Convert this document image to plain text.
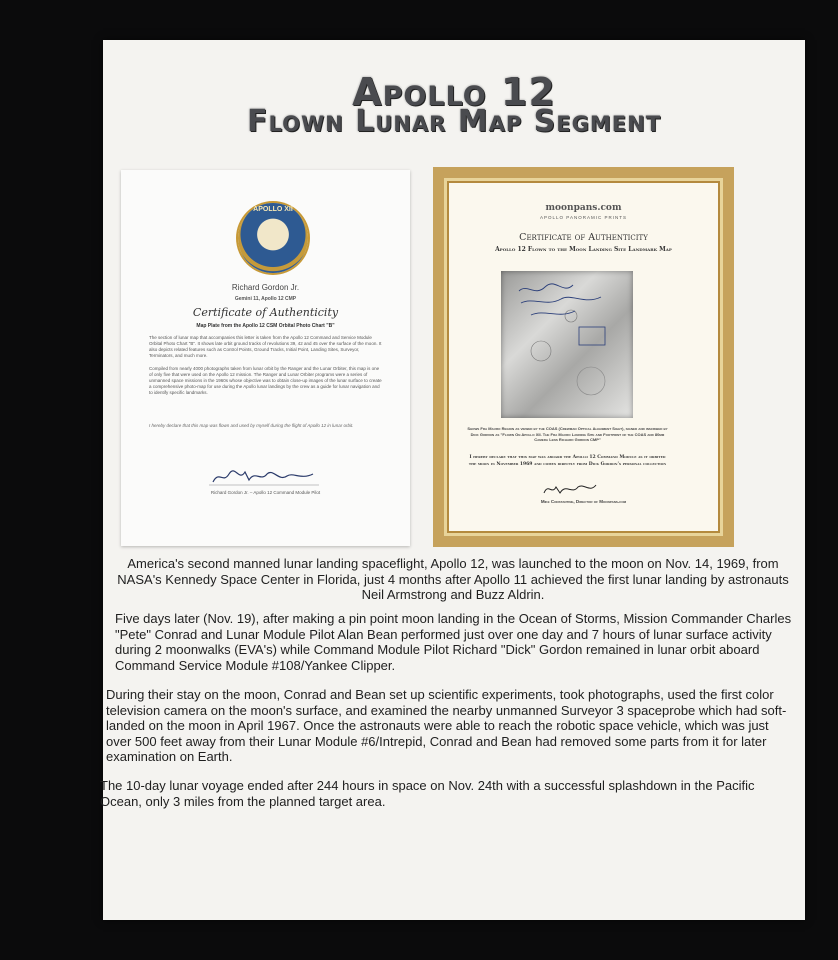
Apollo 12
Flown Lunar Map Segment
APOLLO XII
Richard Gordon Jr.
Gemini 11, Apollo 12 CMP
Certificate of Authenticity
Map Plate from the Apollo 12 CSM Orbital Photo Chart "B"
The section of lunar map that accompanies this letter is taken from the Apollo 12 Command and Service Module Orbital Photo Chart "B". It shows late orbit ground tracks of revolutions 39, 42 and 45 over the surface of the moon. It also depicts related features such as Control Points, Ground Tracks, Initial Point, Landing Sites, Surveyor, Terminators, and much more.
Compiled from nearly 4000 photographs taken from lunar orbit by the Ranger and the Lunar Orbiter, this map is one of only five that were used on the Apollo 12 mission. The Ranger and Lunar Orbiter programs were a series of unmanned space missions in the 1960s whose objective was to obtain close-up images of the lunar surface to create a comprehensive photo-map for use during the Apollo lunar landings by the crew as a guide for lunar navigation and to identify specific landmarks.
I hereby declare that this map was flown and used by myself during the flight of Apollo 12 in lunar orbit.
Richard Gordon Jr. – Apollo 12 Command Module Pilot
moonpans.com
APOLLO PANORAMIC PRINTS
Certificate of Authenticity
Apollo 12 Flown to the Moon Landing Site Landmark Map
Shows Fra Mauro Region as viewed by the COAS (Crewman Optical Alignment Sight), signed and inscribed by Dick Gordon as "Flown On Apollo XII. The Fra Mauro Landing Site and Footprint of the COAS and 80mm Camera Lens Richard Gordon CMP"
I hereby declare that this map was aboard the Apollo 12 Command Module as it orbited the moon in November 1969 and comes directly from Dick Gordon's personal collection
Mike Constantine, Director of Moonpans.com

America's second manned lunar landing spaceflight, Apollo 12, was launched to the moon on Nov. 14, 1969, from NASA's Kennedy Space Center in Florida, just 4 months after Apollo 11 achieved the first lunar landing by astronauts Neil Armstrong and Buzz Aldrin.

Five days later (Nov. 19), after making a pin point moon landing in the Ocean of Storms, Mission Commander Charles "Pete" Conrad and Lunar Module Pilot Alan Bean performed just over one day and 7 hours of lunar surface activity during 2 moonwalks (EVA's) while Command Module Pilot Richard "Dick" Gordon remained in lunar orbit aboard Command Service Module #108/Yankee Clipper.

During their stay on the moon, Conrad and Bean set up scientific experiments, took photographs, used the first color television camera on the moon's surface, and examined the nearby unmanned Surveyor 3 spaceprobe which had soft-landed on the moon in April 1967. Once the astronauts were able to reach the robotic space vehicle, which was just over 500 feet away from their Lunar Module #6/Intrepid, Conrad and Bean had removed some parts from it for later examination on Earth.

The 10-day lunar voyage ended after 244 hours in space on Nov. 24th with a successful splashdown in the Pacific Ocean, only 3 miles from the planned target area.
